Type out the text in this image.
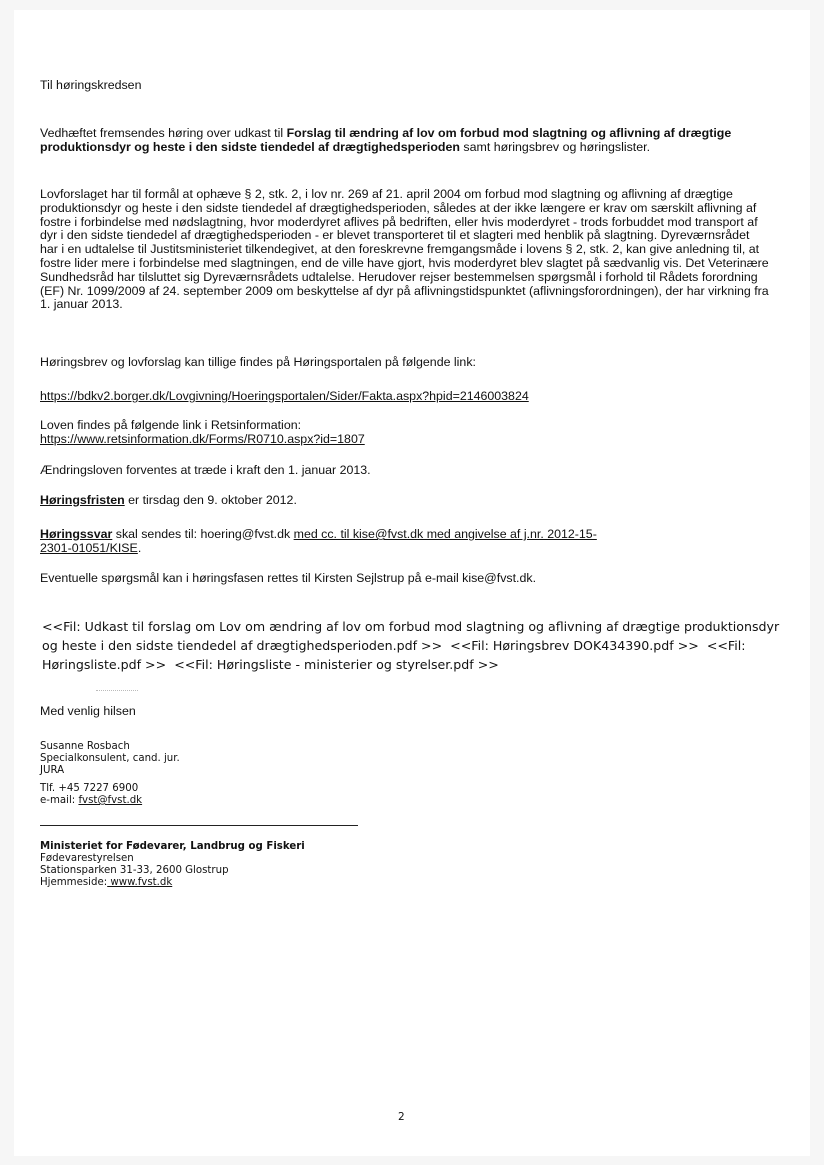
Til høringskredsen

Vedhæftet fremsendes høring over udkast til Forslag til ændring af lov om forbud mod slagtning og aflivning af drægtige produktionsdyr og heste i den sidste tiendedel af drægtighedsperioden samt høringsbrev og høringslister.

Lovforslaget har til formål at ophæve § 2, stk. 2, i lov nr. 269 af 21. april 2004 om forbud mod slagtning og aflivning af drægtige produktionsdyr og heste i den sidste tiendedel af drægtighedsperioden, således at der ikke længere er krav om særskilt aflivning af fostre i forbindelse med nødslagtning, hvor moderdyret aflives på bedriften, eller hvis moderdyret - trods forbuddet mod transport af dyr i den sidste tiendedel af drægtighedsperioden - er blevet transporteret til et slagteri med henblik på slagtning. Dyreværnsrådet har i en udtalelse til Justitsministeriet tilkendegivet, at den foreskrevne fremgangsmåde i lovens § 2, stk. 2, kan give anledning til, at fostre lider mere i forbindelse med slagtningen, end de ville have gjort, hvis moderdyret blev slagtet på sædvanlig vis. Det Veterinære Sundhedsråd har tilsluttet sig Dyreværnsrådets udtalelse. Herudover rejser bestemmelsen spørgsmål i forhold til Rådets forordning (EF) Nr. 1099/2009 af 24. september 2009 om beskyttelse af dyr på aflivningstidspunktet (aflivningsforordningen), der har virkning fra 1. januar 2013.

Høringsbrev og lovforslag kan tillige findes på Høringsportalen på følgende link:

https://bdkv2.borger.dk/Lovgivning/Hoeringsportalen/Sider/Fakta.aspx?hpid=2146003824

Loven findes på følgende link i Retsinformation:

https://www.retsinformation.dk/Forms/R0710.aspx?id=1807

Ændringsloven forventes at træde i kraft den 1. januar 2013.

Høringsfristen er tirsdag den 9. oktober 2012.

Høringssvar skal sendes til: hoering@fvst.dk med cc. til kise@fvst.dk med angivelse af j.nr. 2012-15-2301-01051/KISE.

Eventuelle spørgsmål kan i høringsfasen rettes til Kirsten Sejlstrup på e-mail kise@fvst.dk.

<<Fil: Udkast til forslag om Lov om ændring af lov om forbud mod slagtning og aflivning af drægtige produktionsdyr og heste i den sidste tiendedel af drægtighedsperioden.pdf >> <<Fil: Høringsbrev DOK434390.pdf >> <<Fil: Høringsliste.pdf >> <<Fil: Høringsliste - ministerier og styrelser.pdf >>

Med venlig hilsen

Susanne Rosbach
Specialkonsulent, cand. jur.
JURA
Tlf. +45 7227 6900
e-mail: fvst@fvst.dk
Ministeriet for Fødevarer, Landbrug og Fiskeri
Fødevarestyrelsen
Stationsparken 31-33, 2600 Glostrup
Hjemmeside: www.fvst.dk
2
